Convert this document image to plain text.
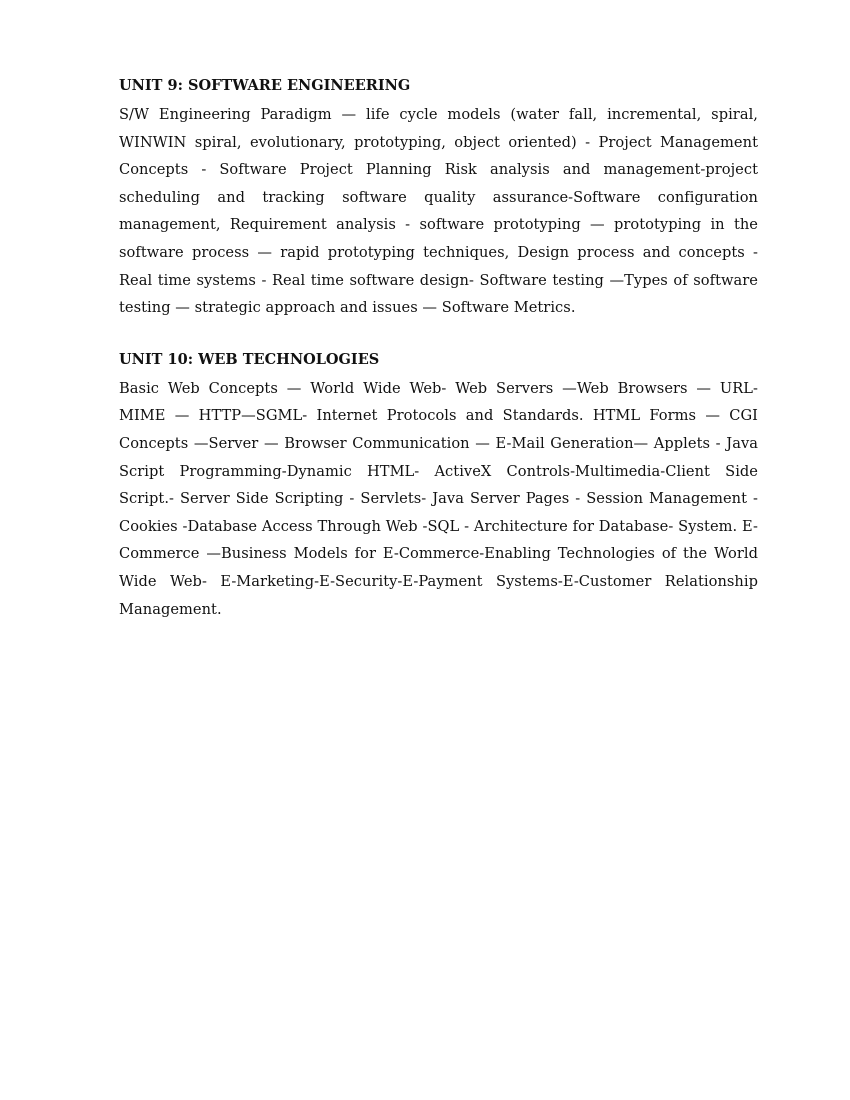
UNIT 9: SOFTWARE ENGINEERING

S/W Engineering Paradigm — life cycle models (water fall, incremental, spiral, WINWIN spiral, evolutionary, prototyping, object oriented) - Project Management Concepts - Software Project Planning Risk analysis and management-project scheduling and tracking software quality assurance-Software configuration management, Requirement analysis - software prototyping — prototyping in the software process — rapid prototyping techniques, Design process and concepts - Real time systems - Real time software design- Software testing —Types of software testing — strategic approach and issues — Software Metrics.

UNIT 10: WEB TECHNOLOGIES

Basic Web Concepts — World Wide Web- Web Servers —Web Browsers — URL- MIME — HTTP—SGML- Internet Protocols and Standards. HTML Forms — CGI Concepts —Server — Browser Communication — E-Mail Generation— Applets - Java Script Programming-Dynamic HTML- ActiveX Controls-Multimedia-Client Side Script.- Server Side Scripting - Servlets- Java Server Pages - Session Management -Cookies -Database Access Through Web -SQL - Architecture for Database- System. E-Commerce —Business Models for E-Commerce-Enabling Technologies of the World Wide Web- E-Marketing-E-Security-E-Payment Systems-E-Customer Relationship Management.
